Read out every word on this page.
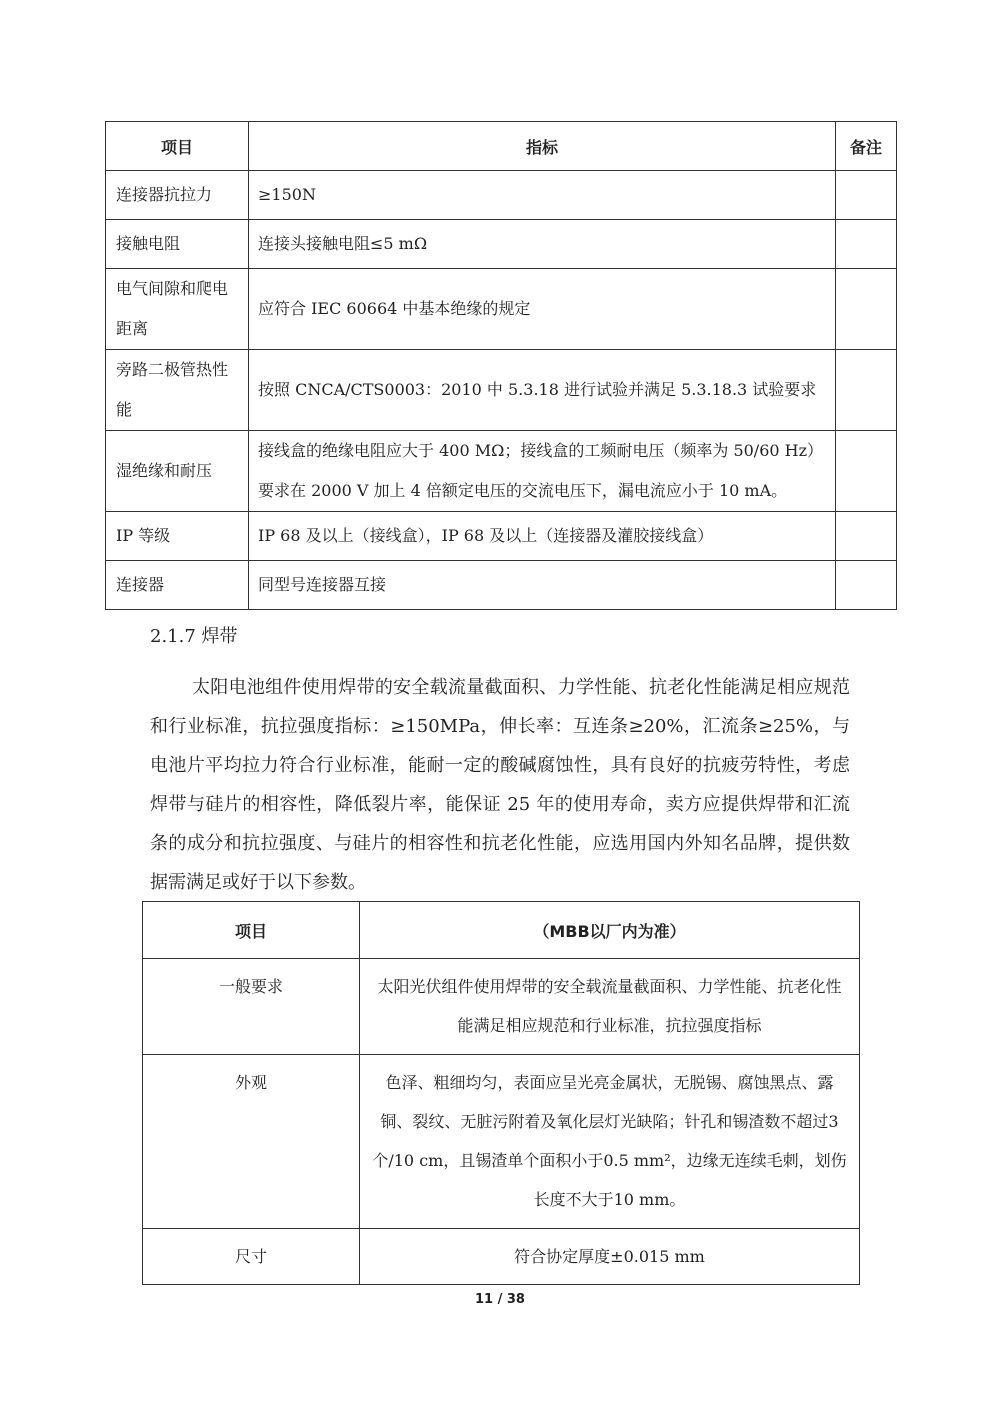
项目	指标	备注
连接器抗拉力	≥150N	
接触电阻	连接头接触电阻≤5 mΩ	
电气间隙和爬电距离	应符合 IEC 60664 中基本绝缘的规定	
旁路二极管热性能	按照 CNCA/CTS0003：2010 中 5.3.18 进行试验并满足 5.3.18.3 试验要求	
湿绝缘和耐压	接线盒的绝缘电阻应大于 400 MΩ；接线盒的工频耐电压（频率为 50/60 Hz）要求在 2000 V 加上 4 倍额定电压的交流电压下，漏电流应小于 10 mA。	
IP 等级	IP 68 及以上（接线盒），IP 68 及以上（连接器及灌胶接线盒）	
连接器	同型号连接器互接	
2.1.7 焊带

太阳电池组件使用焊带的安全载流量截面积、力学性能、抗老化性能满足相应规范和行业标准，抗拉强度指标：≥150MPa，伸长率：互连条≥20%，汇流条≥25%，与电池片平均拉力符合行业标准，能耐一定的酸碱腐蚀性，具有良好的抗疲劳特性，考虑焊带与硅片的相容性，降低裂片率，能保证 25 年的使用寿命，卖方应提供焊带和汇流条的成分和抗拉强度、与硅片的相容性和抗老化性能，应选用国内外知名品牌，提供数据需满足或好于以下参数。

项目	（MBB以厂内为准）
一般要求	太阳光伏组件使用焊带的安全载流量截面积、力学性能、抗老化性能满足相应规范和行业标准，抗拉强度指标
外观	色泽、粗细均匀，表面应呈光亮金属状，无脱锡、腐蚀黑点、露铜、裂纹、无脏污附着及氧化层灯光缺陷；针孔和锡渣数不超过3个/10 cm，且锡渣单个面积小于0.5 mm²，边缘无连续毛刺，划伤长度不大于10 mm。
尺寸	符合协定厚度±0.015 mm
11 / 38
